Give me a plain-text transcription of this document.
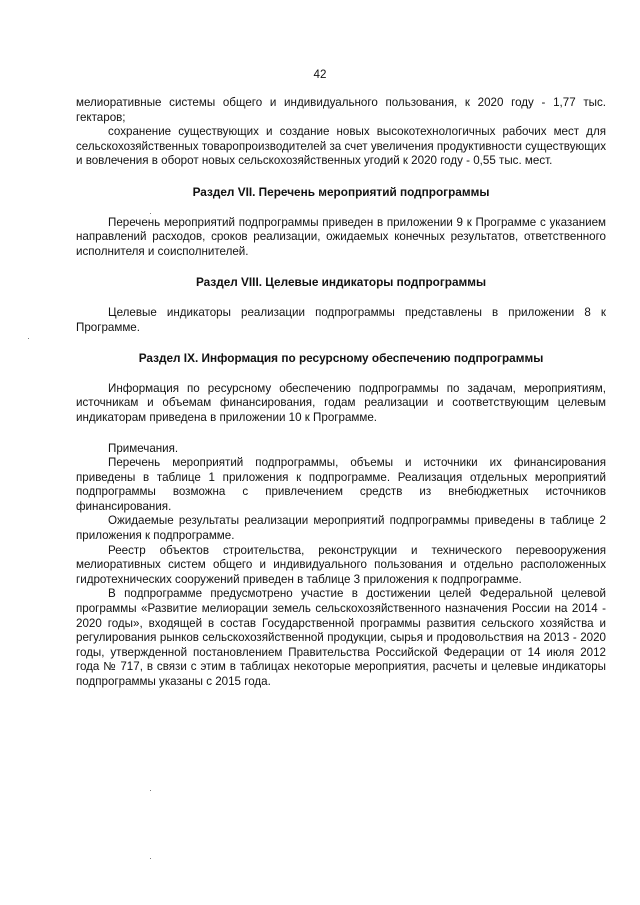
42

мелиоративные системы общего и индивидуального пользования, к 2020 году - 1,77 тыс. гектаров;

сохранение существующих и создание новых высокотехнологичных рабочих мест для сельскохозяйственных товаропроизводителей за счет увеличения продуктивности существующих и вовлечения в оборот новых сельскохозяйственных угодий к 2020 году - 0,55 тыс. мест.

Раздел VII. Перечень мероприятий подпрограммы

Перечень мероприятий подпрограммы приведен в приложении 9 к Программе с указанием направлений расходов, сроков реализации, ожидаемых конечных результатов, ответственного исполнителя и соисполнителей.

Раздел VIII. Целевые индикаторы подпрограммы

Целевые индикаторы реализации подпрограммы представлены в приложении 8 к Программе.

Раздел IX. Информация по ресурсному обеспечению подпрограммы

Информация по ресурсному обеспечению подпрограммы по задачам, мероприятиям, источникам и объемам финансирования, годам реализации и соответствующим целевым индикаторам приведена в приложении 10 к Программе.

Примечания.

Перечень мероприятий подпрограммы, объемы и источники их финансирования приведены в таблице 1 приложения к подпрограмме. Реализация отдельных мероприятий подпрограммы возможна с привлечением средств из внебюджетных источников финансирования.

Ожидаемые результаты реализации мероприятий подпрограммы приведены в таблице 2 приложения к подпрограмме.

Реестр объектов строительства, реконструкции и технического перевооружения мелиоративных систем общего и индивидуального пользования и отдельно расположенных гидротехнических сооружений приведен в таблице 3 приложения к подпрограмме.

В подпрограмме предусмотрено участие в достижении целей Федеральной целевой программы «Развитие мелиорации земель сельскохозяйственного назначения России на 2014 - 2020 годы», входящей в состав Государственной программы развития сельского хозяйства и регулирования рынков сельскохозяйственной продукции, сырья и продовольствия на 2013 - 2020 годы, утвержденной постановлением Правительства Российской Федерации от 14 июля 2012 года № 717, в связи с этим в таблицах некоторые мероприятия, расчеты и целевые индикаторы подпрограммы указаны с 2015 года.
